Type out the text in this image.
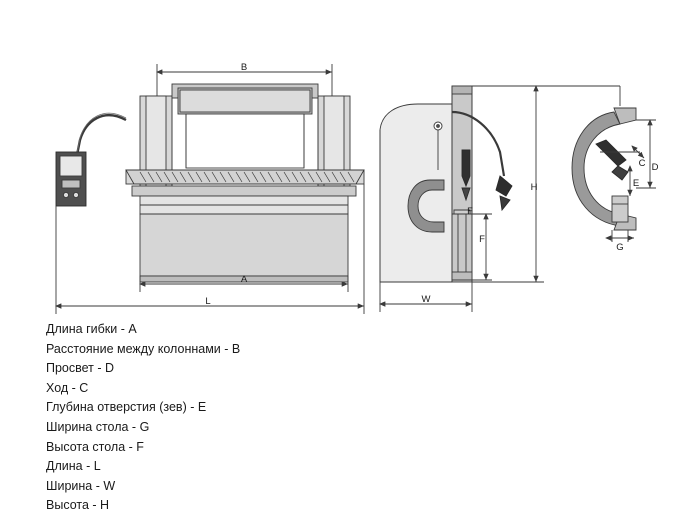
B
A
L	W
H
F
C D
E
G
F
Длина гибки - A
Расстояние между колоннами - B
Просвет - D
Ход - C
Глубина отверстия (зев) - E
Ширина стола - G
Высота стола - F
Длина - L
Ширина - W
Высота - H
